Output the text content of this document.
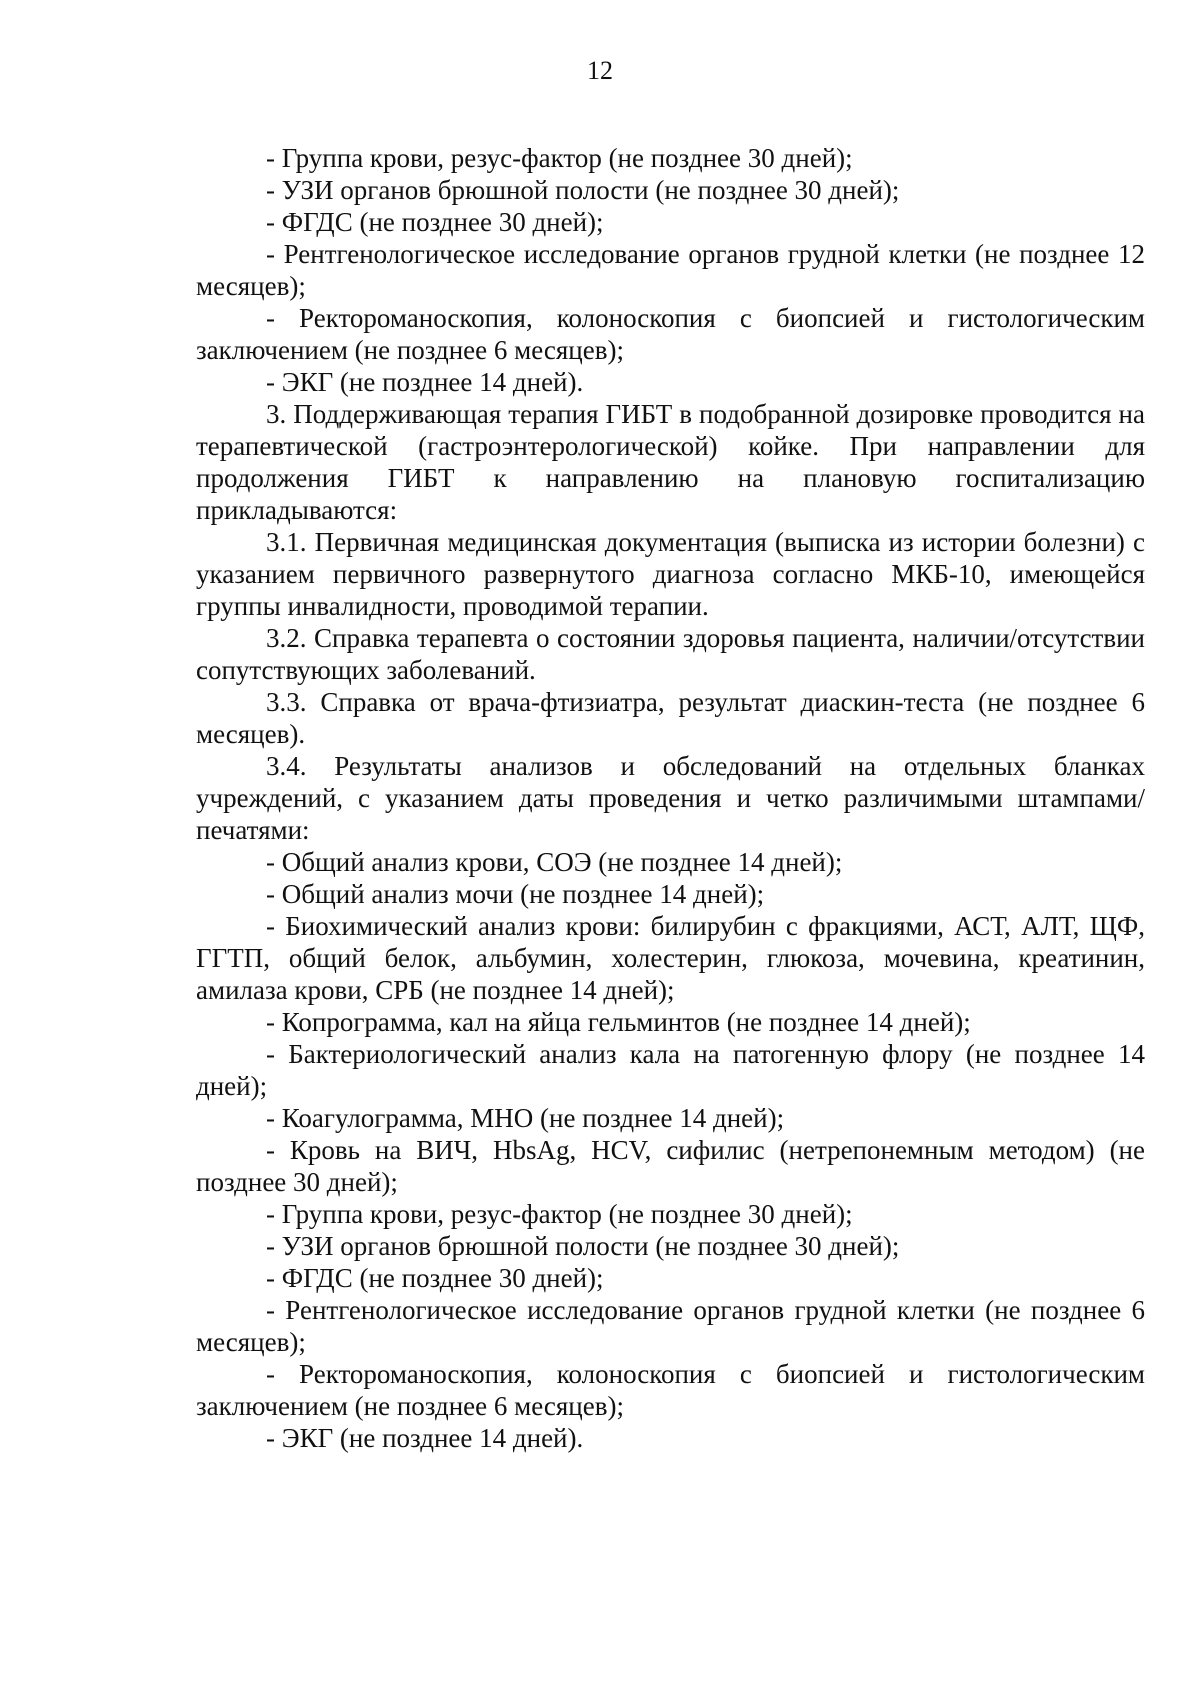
12

- Группа крови, резус-фактор (не позднее 30 дней);

- УЗИ органов брюшной полости (не позднее 30 дней);

- ФГДС (не позднее 30 дней);

- Рентгенологическое исследование органов грудной клетки (не позднее 12 месяцев);

- Ректороманоскопия, колоноскопия с биопсией и гистологическим заключением (не позднее 6 месяцев);

- ЭКГ (не позднее 14 дней).

3. Поддерживающая терапия ГИБТ в подобранной дозировке проводится на терапевтической (гастроэнтерологической) койке. При направлении для продолжения ГИБТ к направлению на плановую госпитализацию прикладываются:

3.1. Первичная медицинская документация (выписка из истории болезни) с указанием первичного развернутого диагноза согласно МКБ-10, имеющейся группы инвалидности, проводимой терапии.

3.2. Справка терапевта о состоянии здоровья пациента, наличии/отсутствии сопутствующих заболеваний.

3.3. Справка от врача-фтизиатра, результат диаскин-теста (не позднее 6 месяцев).

3.4. Результаты анализов и обследований на отдельных бланках учреждений, с указанием даты проведения и четко различимыми штампами/печатями:

- Общий анализ крови, СОЭ (не позднее 14 дней);

- Общий анализ мочи (не позднее 14 дней);

- Биохимический анализ крови: билирубин с фракциями, АСТ, АЛТ, ЩФ, ГГТП, общий белок, альбумин, холестерин, глюкоза, мочевина, креатинин, амилаза крови, СРБ (не позднее 14 дней);

- Копрограмма, кал на яйца гельминтов (не позднее 14 дней);

- Бактериологический анализ кала на патогенную флору (не позднее 14 дней);

- Коагулограмма, МНО (не позднее 14 дней);

- Кровь на ВИЧ, HbsAg, HCV, сифилис (нетрепонемным методом) (не позднее 30 дней);

- Группа крови, резус-фактор (не позднее 30 дней);

- УЗИ органов брюшной полости (не позднее 30 дней);

- ФГДС (не позднее 30 дней);

- Рентгенологическое исследование органов грудной клетки (не позднее 6 месяцев);

- Ректороманоскопия, колоноскопия с биопсией и гистологическим заключением (не позднее 6 месяцев);

- ЭКГ (не позднее 14 дней).
